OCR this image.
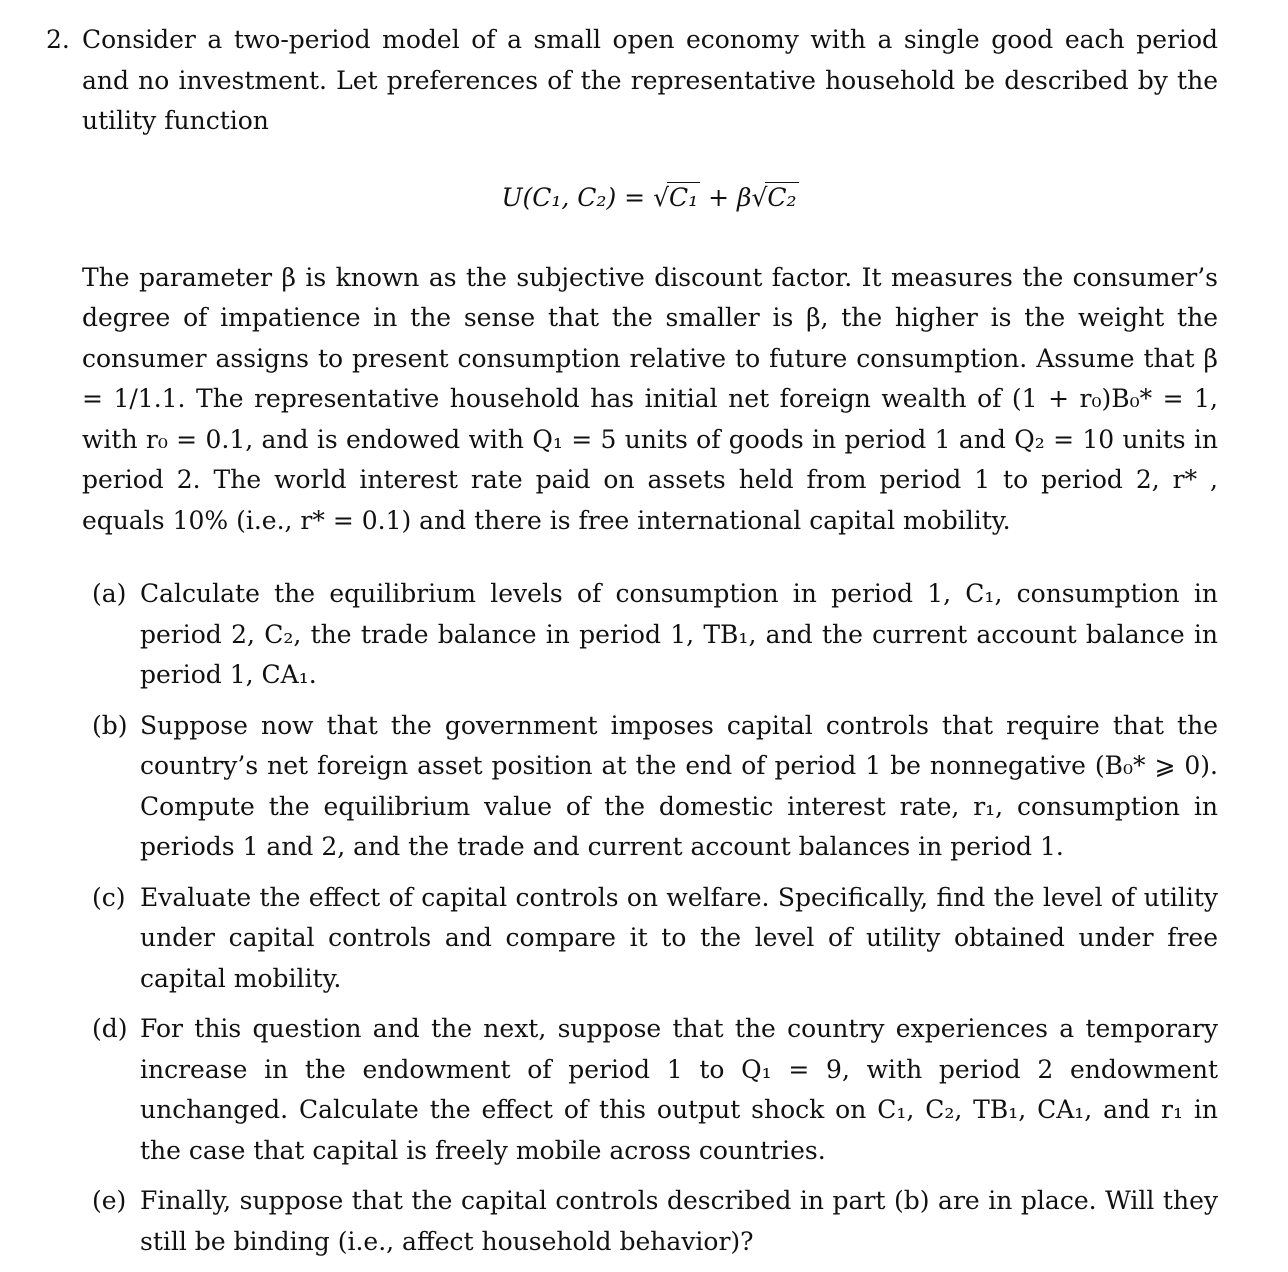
2. Consider a two-period model of a small open economy with a single good each period and no investment. Let preferences of the representative household be described by the utility function

U(C₁, C₂) = √C₁ + β√C₂

The parameter β is known as the subjective discount factor. It measures the consumer’s degree of impatience in the sense that the smaller is β, the higher is the weight the consumer assigns to present consumption relative to future consumption. Assume that β = 1/1.1. The representative household has initial net foreign wealth of (1 + r₀)B₀* = 1, with r₀ = 0.1, and is endowed with Q₁ = 5 units of goods in period 1 and Q₂ = 10 units in period 2. The world interest rate paid on assets held from period 1 to period 2, r* , equals 10% (i.e., r* = 0.1) and there is free international capital mobility.

(a) Calculate the equilibrium levels of consumption in period 1, C₁, consumption in period 2, C₂, the trade balance in period 1, TB₁, and the current account balance in period 1, CA₁.
(b) Suppose now that the government imposes capital controls that require that the country’s net foreign asset position at the end of period 1 be nonnegative (B₀* ⩾ 0). Compute the equilibrium value of the domestic interest rate, r₁, consumption in periods 1 and 2, and the trade and current account balances in period 1.
(c) Evaluate the effect of capital controls on welfare. Specifically, find the level of utility under capital controls and compare it to the level of utility obtained under free capital mobility.
(d) For this question and the next, suppose that the country experiences a temporary increase in the endowment of period 1 to Q₁ = 9, with period 2 endowment unchanged. Calculate the effect of this output shock on C₁, C₂, TB₁, CA₁, and r₁ in the case that capital is freely mobile across countries.
(e) Finally, suppose that the capital controls described in part (b) are in place. Will they still be binding (i.e., affect household behavior)?
